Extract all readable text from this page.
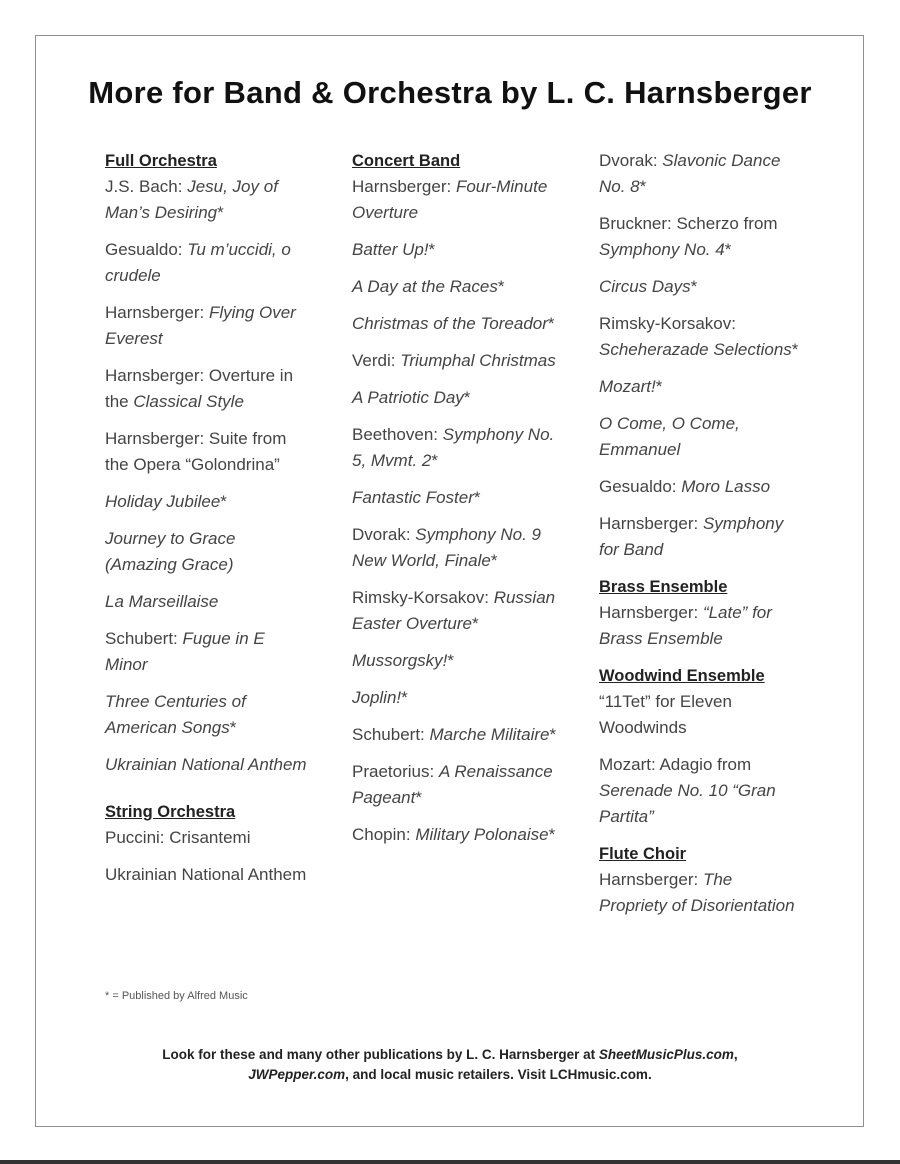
More for Band & Orchestra by L. C. Harnsberger
Full Orchestra
J.S. Bach: Jesu, Joy of Man’s Desiring*
Gesualdo: Tu m’uccidi, o crudele
Harnsberger: Flying Over Everest
Harnsberger: Overture in the Classical Style
Harnsberger: Suite from the Opera “Golondrina”
Holiday Jubilee*
Journey to Grace (Amazing Grace)
La Marseillaise
Schubert: Fugue in E Minor
Three Centuries of American Songs*
Ukrainian National Anthem
String Orchestra
Puccini: Crisantemi
Ukrainian National Anthem
Concert Band
Harnsberger: Four-Minute Overture
Batter Up!*
A Day at the Races*
Christmas of the Toreador*
Verdi: Triumphal Christmas
A Patriotic Day*
Beethoven: Symphony No. 5, Mvmt. 2*
Fantastic Foster*
Dvorak: Symphony No. 9 New World, Finale*
Rimsky-Korsakov: Russian Easter Overture*
Mussorgsky!*
Joplin!*
Schubert: Marche Militaire*
Praetorius: A Renaissance Pageant*
Chopin: Military Polonaise*
Dvorak: Slavonic Dance No. 8*
Bruckner: Scherzo from Symphony No. 4*
Circus Days*
Rimsky-Korsakov: Scheherazade Selections*
Mozart!*
O Come, O Come, Emmanuel
Gesualdo: Moro Lasso
Harnsberger: Symphony for Band
Brass Ensemble
Harnsberger: “Late” for Brass Ensemble
Woodwind Ensemble
“11Tet” for Eleven Woodwinds
Mozart: Adagio from Serenade No. 10 “Gran Partita”
Flute Choir
Harnsberger: The Propriety of Disorientation
* = Published by Alfred Music
Look for these and many other publications by L. C. Harnsberger at SheetMusicPlus.com,
JWPepper.com, and local music retailers. Visit LCHmusic.com.
